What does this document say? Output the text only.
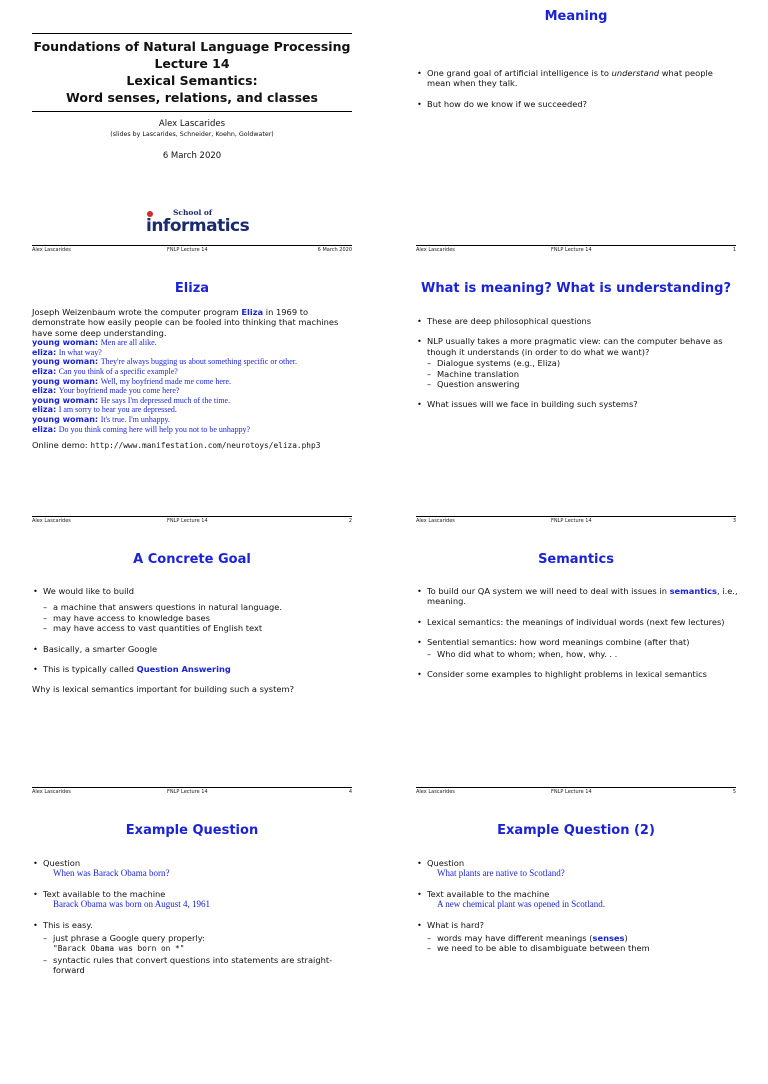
Foundations of Natural Language Processing
Lecture 14
Lexical Semantics:
Word senses, relations, and classes
Alex Lascarides
(slides by Lascarides, Schneider, Koehn, Goldwater)
6 March 2020
School of
informatics
Alex Lascarides	FNLP Lecture 14	6 March 2020
Meaning
• One grand goal of artificial intelligence is to understand what people mean when they talk.
• But how do we know if we succeeded?
Alex Lascarides	FNLP Lecture 14	1
Eliza
Joseph Weizenbaum wrote the computer program Eliza in 1969 to demonstrate how easily people can be fooled into thinking that machines have some deep understanding.
young woman: Men are all alike.
eliza: In what way?
young woman: They're always bugging us about something specific or other.
eliza: Can you think of a specific example?
young woman: Well, my boyfriend made me come here.
eliza: Your boyfriend made you come here?
young woman: He says I'm depressed much of the time.
eliza: I am sorry to hear you are depressed.
young woman: It's true. I'm unhappy.
eliza: Do you think coming here will help you not to be unhappy?
Online demo: http://www.manifestation.com/neurotoys/eliza.php3
Alex Lascarides	FNLP Lecture 14	2
What is meaning? What is understanding?
• These are deep philosophical questions
• NLP usually takes a more pragmatic view: can the computer behave as though it understands (in order to do what we want)?
– Dialogue systems (e.g., Eliza)
– Machine translation
– Question answering
• What issues will we face in building such systems?
Alex Lascarides	FNLP Lecture 14	3
A Concrete Goal
• We would like to build
– a machine that answers questions in natural language.
– may have access to knowledge bases
– may have access to vast quantities of English text
• Basically, a smarter Google
• This is typically called Question Answering
Why is lexical semantics important for building such a system?
Alex Lascarides	FNLP Lecture 14	4
Semantics
• To build our QA system we will need to deal with issues in semantics, i.e., meaning.
• Lexical semantics: the meanings of individual words (next few lectures)
• Sentential semantics: how word meanings combine (after that)
– Who did what to whom; when, how, why. . .
• Consider some examples to highlight problems in lexical semantics
Alex Lascarides	FNLP Lecture 14	5
Example Question
• Question
When was Barack Obama born?
• Text available to the machine
Barack Obama was born on August 4, 1961
• This is easy.
– just phrase a Google query properly:
"Barack Obama was born on *"
– syntactic rules that convert questions into statements are straight-forward
Example Question (2)
• Question
What plants are native to Scotland?
• Text available to the machine
A new chemical plant was opened in Scotland.
• What is hard?
– words may have different meanings (senses)
– we need to be able to disambiguate between them
